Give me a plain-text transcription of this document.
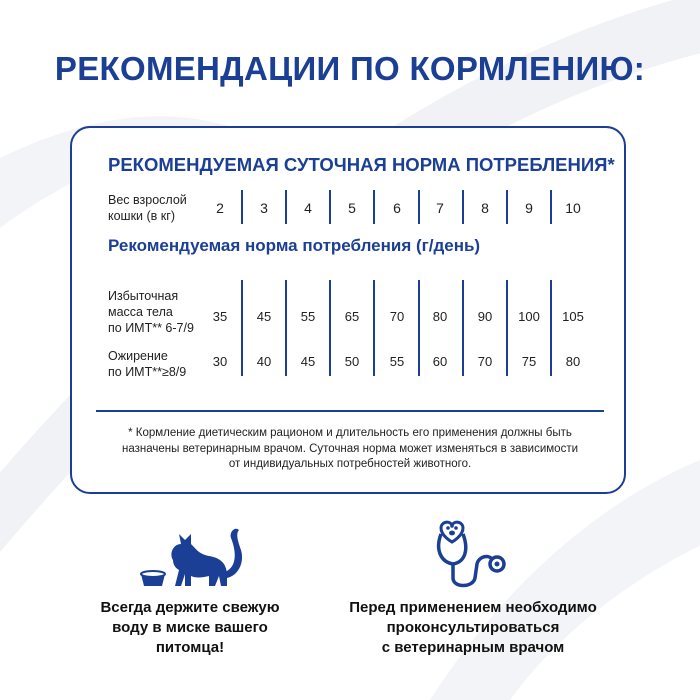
РЕКОМЕНДАЦИИ ПО КОРМЛЕНИЮ:
РЕКОМЕНДУЕМАЯ СУТОЧНАЯ НОРМА ПОТРЕБЛЕНИЯ*
Вес взрослой
кошки (в кг)	2	3	4	5	6	7	8	9	10
Рекомендуемая норма потребления (г/день)
Избыточная
масса тела
по ИМТ** 6-7/9
35	45	55	65	70	80	90	100	105
Ожирение
по ИМТ**≥8/9
30	40	45	50	55	60	70	75	80
* Кормление диетическим рационом и длительность его применения должны быть
назначены ветеринарным врачом. Суточная норма может изменяться в зависимости
от индивидуальных потребностей животного.
Всегда держите свежую
воду в миске вашего
питомца!
Перед применением необходимо
проконсультироваться
с ветеринарным врачом
